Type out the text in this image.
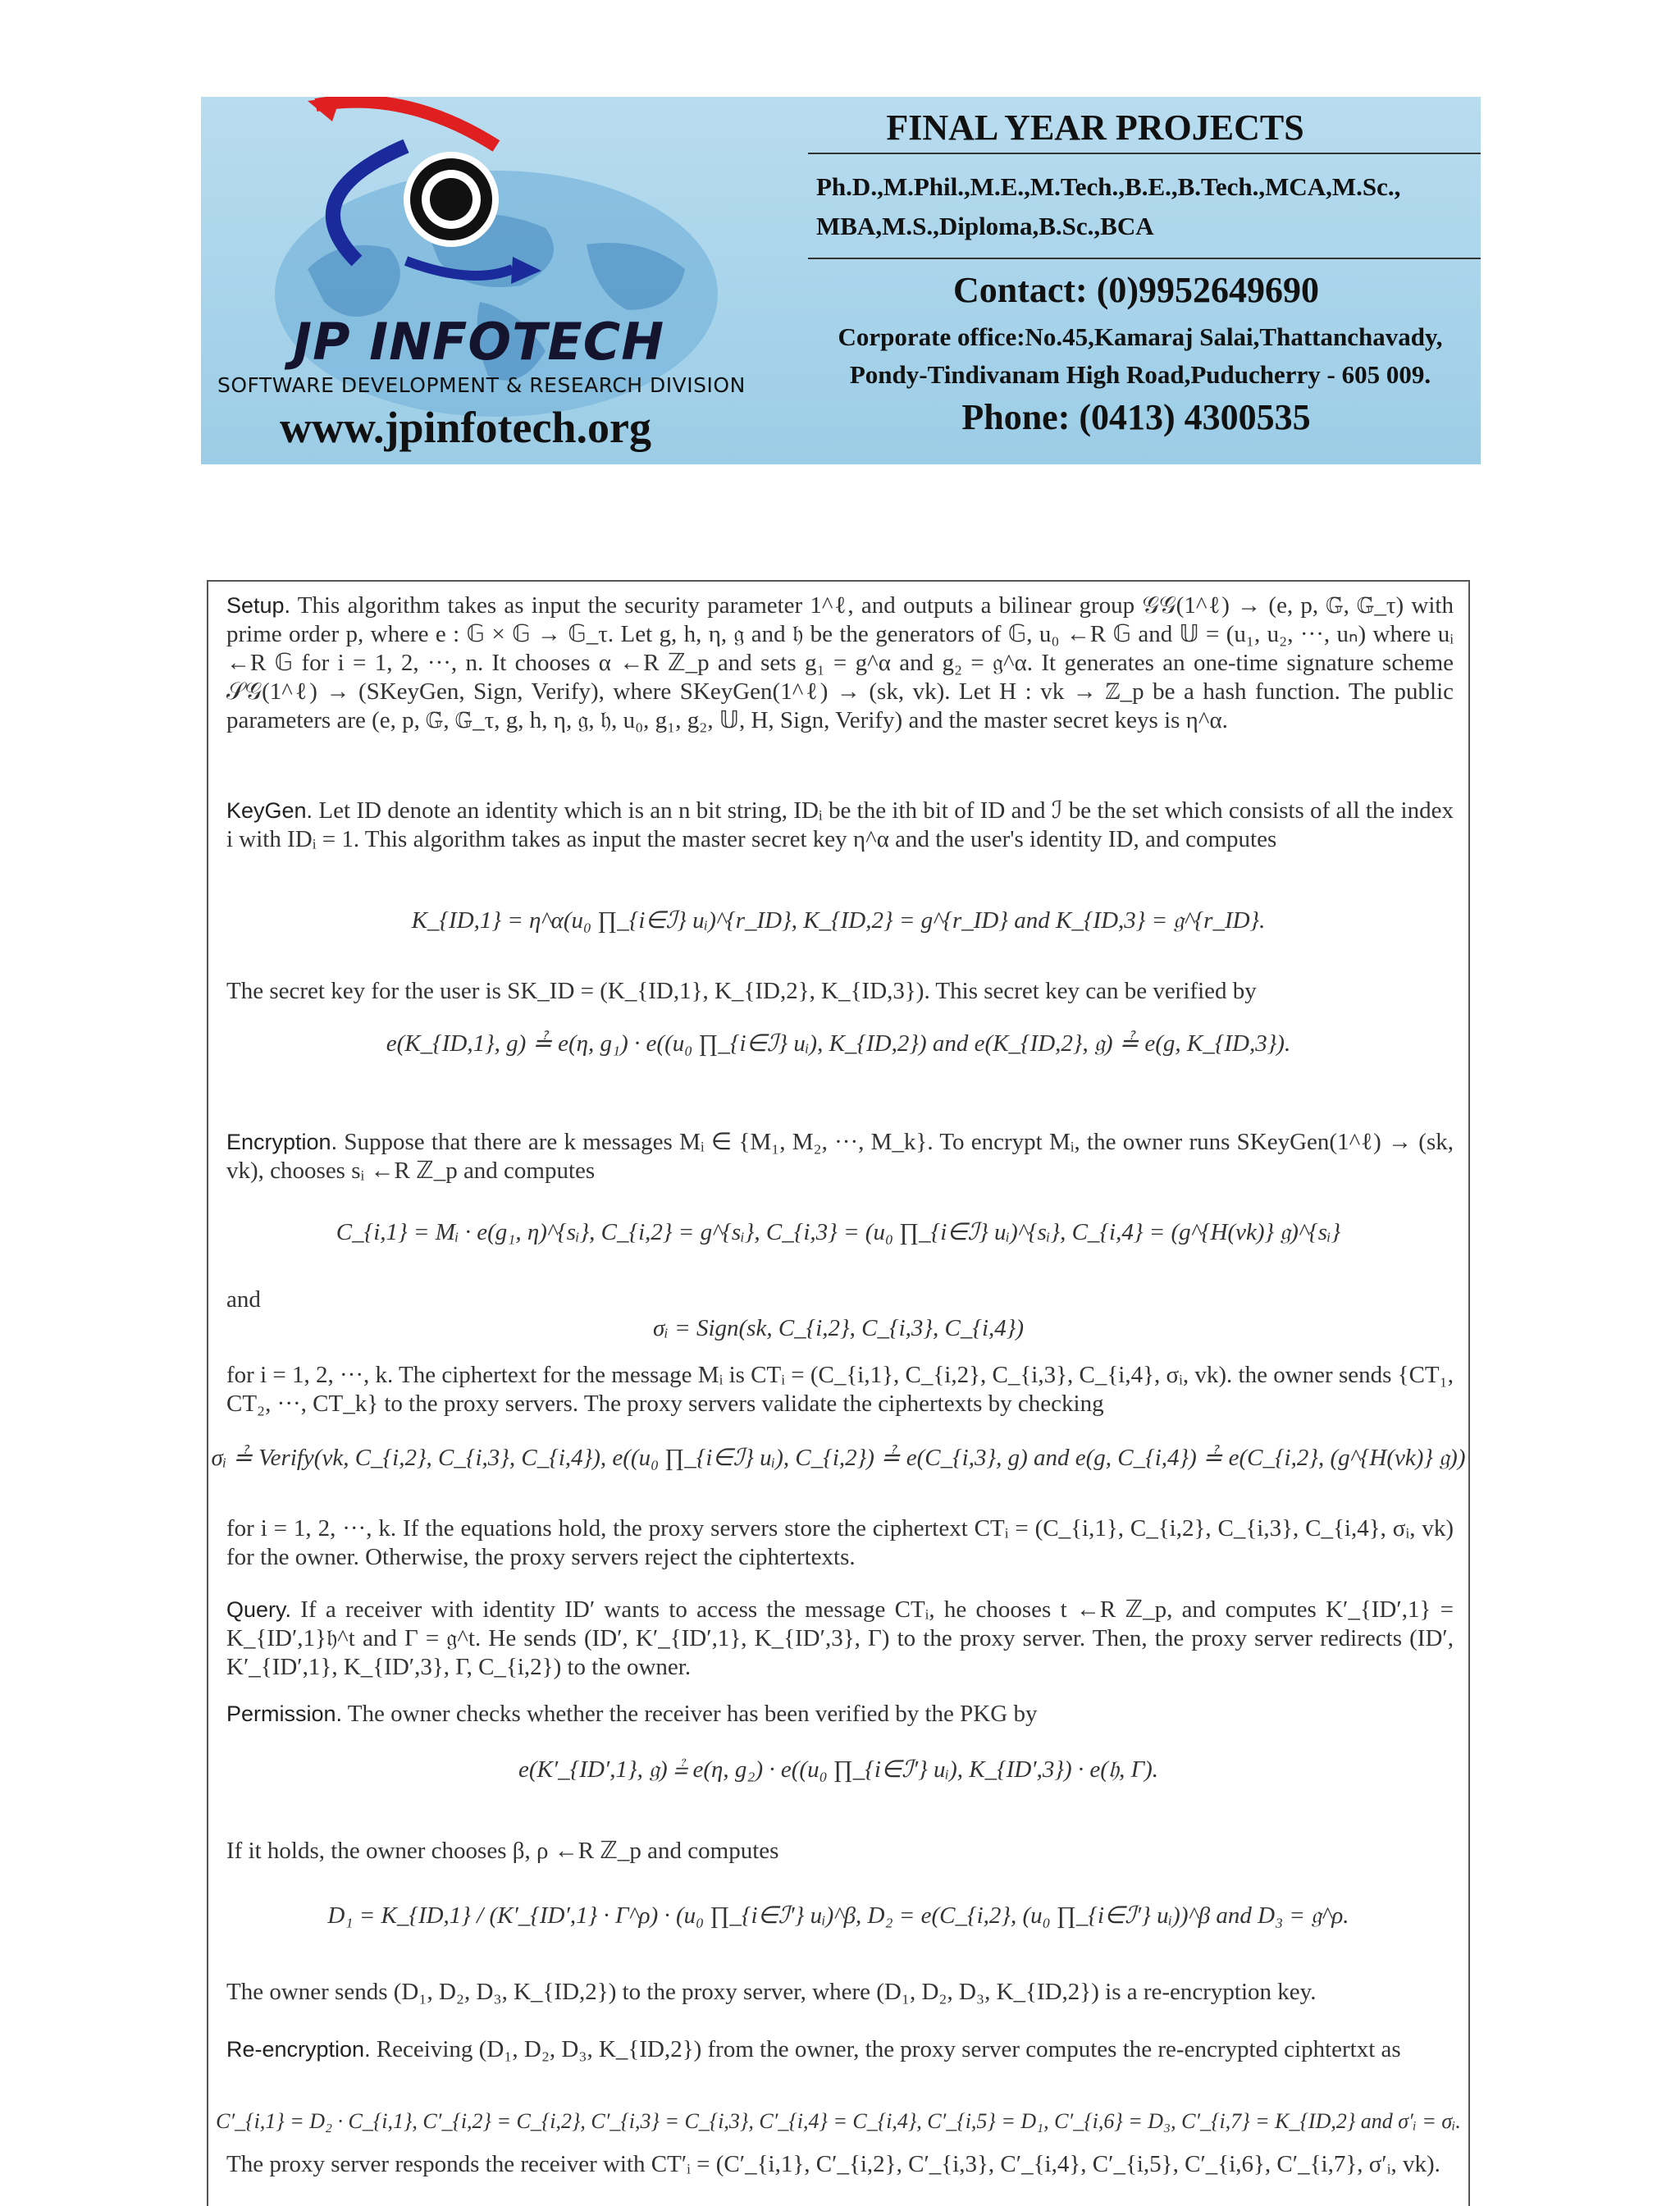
JP INFOTECH
SOFTWARE DEVELOPMENT & RESEARCH DIVISION
www.jpinfotech.org
FINAL YEAR PROJECTS
Ph.D.,M.Phil.,M.E.,M.Tech.,B.E.,B.Tech.,MCA,M.Sc.,
MBA,M.S.,Diploma,B.Sc.,BCA
Contact: (0)9952649690
Corporate office:No.45,Kamaraj Salai,Thattanchavady,
Pondy-Tindivanam High Road,Puducherry - 605 009.
Phone: (0413) 4300535
Setup. This algorithm takes as input the security parameter 1^ℓ, and outputs a bilinear group 𝒢𝒢(1^ℓ) → (e, p, 𝔾, 𝔾_τ) with prime order p, where e : 𝔾 × 𝔾 → 𝔾_τ. Let g, h, η, 𝔤 and 𝔥 be the generators of 𝔾, u₀ ←R 𝔾 and 𝕌 = (u₁, u₂, ···, uₙ) where uᵢ ←R 𝔾 for i = 1, 2, ···, n. It chooses α ←R ℤ_p and sets g₁ = g^α and g₂ = 𝔤^α. It generates an one-time signature scheme 𝒮𝒢(1^ℓ) → (SKeyGen, Sign, Verify), where SKeyGen(1^ℓ) → (sk, vk). Let H : vk → ℤ_p be a hash function. The public parameters are (e, p, 𝔾, 𝔾_τ, g, h, η, 𝔤, 𝔥, u₀, g₁, g₂, 𝕌, H, Sign, Verify) and the master secret keys is η^α.
KeyGen. Let ID denote an identity which is an n bit string, IDᵢ be the ith bit of ID and ℐ be the set which consists of all the index i with IDᵢ = 1. This algorithm takes as input the master secret key η^α and the user's identity ID, and computes
K_{ID,1} = η^α(u₀ ∏_{i∈ℐ} uᵢ)^{r_ID}, K_{ID,2} = g^{r_ID} and K_{ID,3} = 𝔤^{r_ID}.
The secret key for the user is SK_ID = (K_{ID,1}, K_{ID,2}, K_{ID,3}). This secret key can be verified by
e(K_{ID,1}, g) ≟ e(η, g₁) · e((u₀ ∏_{i∈ℐ} uᵢ), K_{ID,2}) and e(K_{ID,2}, 𝔤) ≟ e(g, K_{ID,3}).
Encryption. Suppose that there are k messages Mᵢ ∈ {M₁, M₂, ···, M_k}. To encrypt Mᵢ, the owner runs SKeyGen(1^ℓ) → (sk, vk), chooses sᵢ ←R ℤ_p and computes
C_{i,1} = Mᵢ · e(g₁, η)^{sᵢ}, C_{i,2} = g^{sᵢ}, C_{i,3} = (u₀ ∏_{i∈ℐ} uᵢ)^{sᵢ}, C_{i,4} = (g^{H(vk)} 𝔤)^{sᵢ}
and
σᵢ = Sign(sk, C_{i,2}, C_{i,3}, C_{i,4})
for i = 1, 2, ···, k. The ciphertext for the message Mᵢ is CTᵢ = (C_{i,1}, C_{i,2}, C_{i,3}, C_{i,4}, σᵢ, vk). the owner sends {CT₁, CT₂, ···, CT_k} to the proxy servers. The proxy servers validate the ciphertexts by checking
σᵢ ≟ Verify(vk, C_{i,2}, C_{i,3}, C_{i,4}), e((u₀ ∏_{i∈ℐ} uᵢ), C_{i,2}) ≟ e(C_{i,3}, g) and e(g, C_{i,4}) ≟ e(C_{i,2}, (g^{H(vk)} 𝔤))
for i = 1, 2, ···, k. If the equations hold, the proxy servers store the ciphertext CTᵢ = (C_{i,1}, C_{i,2}, C_{i,3}, C_{i,4}, σᵢ, vk) for the owner. Otherwise, the proxy servers reject the ciphtertexts.
Query. If a receiver with identity ID′ wants to access the message CTᵢ, he chooses t ←R ℤ_p, and computes K′_{ID′,1} = K_{ID′,1}𝔥^t and Γ = 𝔤^t. He sends (ID′, K′_{ID′,1}, K_{ID′,3}, Γ) to the proxy server. Then, the proxy server redirects (ID′, K′_{ID′,1}, K_{ID′,3}, Γ, C_{i,2}) to the owner.
Permission. The owner checks whether the receiver has been verified by the PKG by
e(K′_{ID′,1}, 𝔤) ≟ e(η, g₂) · e((u₀ ∏_{i∈ℐ′} uᵢ), K_{ID′,3}) · e(𝔥, Γ).
If it holds, the owner chooses β, ρ ←R ℤ_p and computes
D₁ = K_{ID,1} / (K′_{ID′,1} · Γ^ρ) · (u₀ ∏_{i∈ℐ′} uᵢ)^β, D₂ = e(C_{i,2}, (u₀ ∏_{i∈ℐ′} uᵢ))^β and D₃ = 𝔤^ρ.
The owner sends (D₁, D₂, D₃, K_{ID,2}) to the proxy server, where (D₁, D₂, D₃, K_{ID,2}) is a re-encryption key.
Re-encryption. Receiving (D₁, D₂, D₃, K_{ID,2}) from the owner, the proxy server computes the re-encrypted ciphtertxt as
C′_{i,1} = D₂ · C_{i,1}, C′_{i,2} = C_{i,2}, C′_{i,3} = C_{i,3}, C′_{i,4} = C_{i,4}, C′_{i,5} = D₁, C′_{i,6} = D₃, C′_{i,7} = K_{ID,2} and σ′ᵢ = σᵢ.
The proxy server responds the receiver with CT′ᵢ = (C′_{i,1}, C′_{i,2}, C′_{i,3}, C′_{i,4}, C′_{i,5}, C′_{i,6}, C′_{i,7}, σ′ᵢ, vk).
